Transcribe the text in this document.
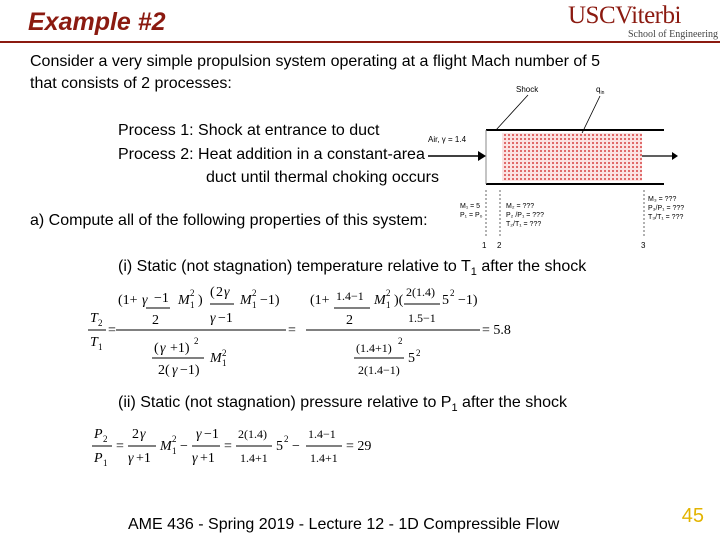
Example #2	USCViterbi
School of Engineering
Consider a very simple propulsion system operating at a flight Mach number of 5
that consists of 2 processes:	Shock	$q_{in}$
Air, γ = 1.4
M₁ = 5
P₁ = P₀
M₂ = ???
P₂ /P₁ = ???
T₂/T₁ = ???
M₃ = ???
P₃/P₁ = ???
T₃/T₁ = ???
1 2	3
Process 1: Shock at entrance to duct
Process 2: Heat addition in a constant-area
duct until thermal choking occurs
a) Compute all of the following properties of this system:
(i) Static (not stagnation) temperature relative to $T_1$ after the shock
T 2
T 1
=
(1+ γ −1
2
M 2
1 )
( 2 γ
γ −1
M 2
1 −1)
( γ +1) 2
2( γ −1)
M 2
1
=
(1+ 1.4−1
2
M 2
1 )(
2(1.4)
1.5−1
5 2 −1)
(1.4+1) 2
2(1.4−1)
5 2
= 5.8
(ii) Static (not stagnation) pressure relative to $P_1$ after the shock
P 2
P 1
=
2 γ
γ +1
M 2
1 −
γ −1
γ +1
=
2(1.4)
1.4+1
5 2 −
1.4−1
1.4+1
= 29
AME 436 - Spring 2019 - Lecture 12 - 1D Compressible Flow	45
